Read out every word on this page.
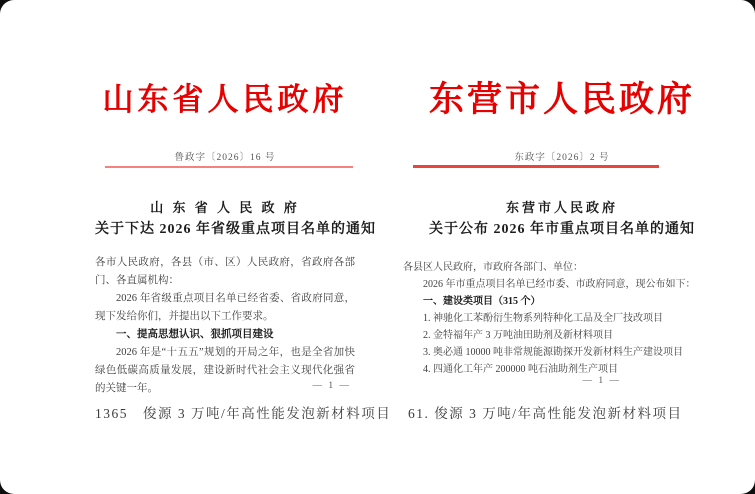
山东省人民政府
鲁政字〔2026〕16 号
山 东 省 人 民 政 府
关于下达 2026 年省级重点项目名单的通知

各市人民政府，各县（市、区）人民政府，省政府各部门、各直属机构：

2026 年省级重点项目名单已经省委、省政府同意，现下发给你们，并提出以下工作要求。

一、提高思想认识、狠抓项目建设

2026 年是“十五五”规划的开局之年，也是全省加快绿色低碳高质量发展，建设新时代社会主义现代化强省的关键一年。	— 1 —
1365　俊源 3 万吨/年高性能发泡新材料项目
东营市人民政府
东政字〔2026〕2 号
东营市人民政府
关于公布 2026 年市重点项目名单的通知

各县区人民政府，市政府各部门、单位：

2026 年市重点项目名单已经市委、市政府同意，现公布如下：

一、建设类项目（315 个）

1. 神驰化工苯酚衍生物系列特种化工品及全厂技改项目

2. 金特福年产 3 万吨油田助剂及新材料项目

3. 奥必通 10000 吨非常规能源勘探开发新材料生产建设项目

4. 四通化工年产 200000 吨石油助剂生产项目

— 1 —
61. 俊源 3 万吨/年高性能发泡新材料项目
